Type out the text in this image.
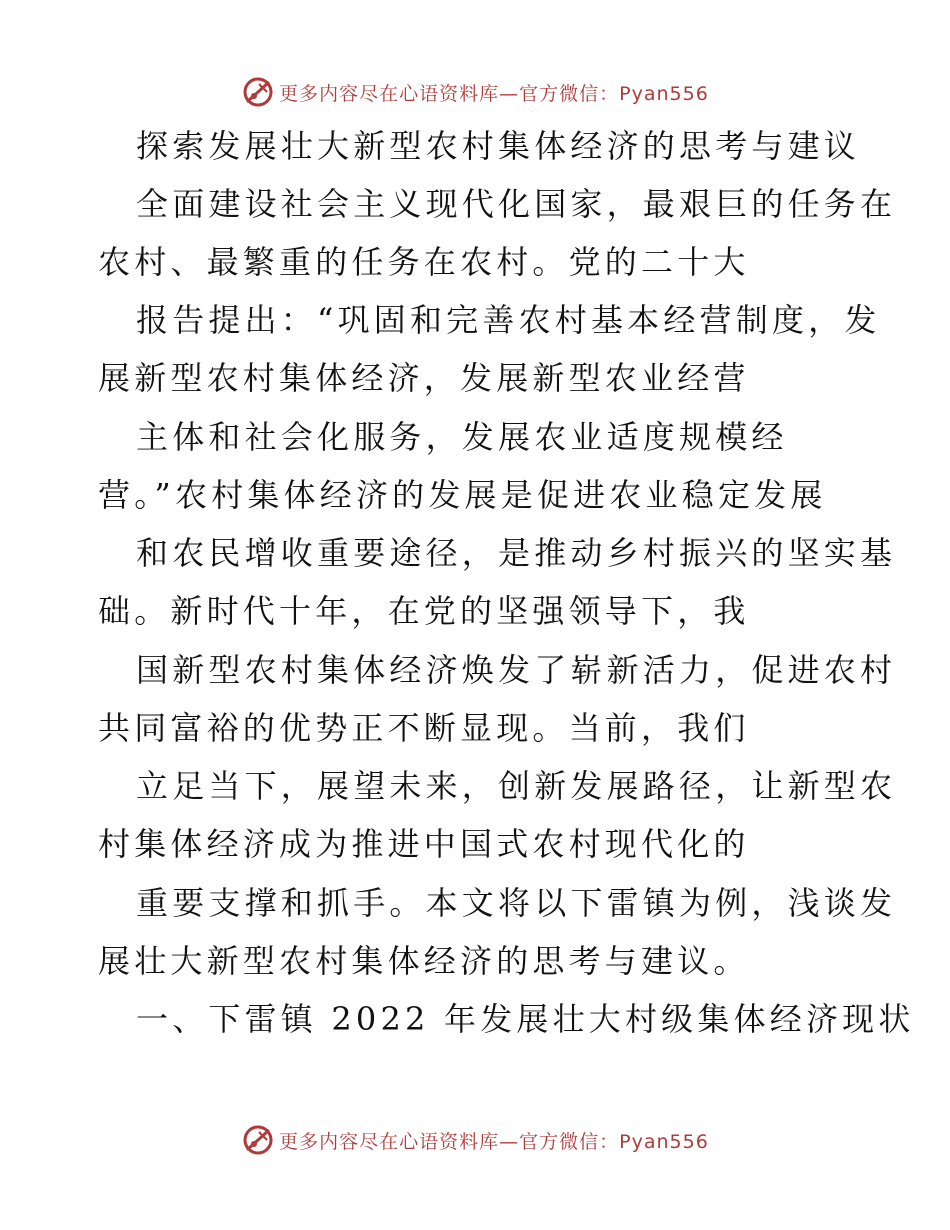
更多内容尽在心语资料库—官方微信：Pyan556
探索发展壮大新型农村集体经济的思考与建议
全面建设社会主义现代化国家，最艰巨的任务在
农村、最繁重的任务在农村。党的二十大
报告提出：“巩固和完善农村基本经营制度，发
展新型农村集体经济，发展新型农业经营
主体和社会化服务，发展农业适度规模经
营。”农村集体经济的发展是促进农业稳定发展
和农民增收重要途径，是推动乡村振兴的坚实基
础。新时代十年，在党的坚强领导下，我
国新型农村集体经济焕发了崭新活力，促进农村
共同富裕的优势正不断显现。当前，我们
立足当下，展望未来，创新发展路径，让新型农
村集体经济成为推进中国式农村现代化的
重要支撑和抓手。本文将以下雷镇为例，浅谈发
展壮大新型农村集体经济的思考与建议。
一、下雷镇 2022 年发展壮大村级集体经济现状
更多内容尽在心语资料库—官方微信：Pyan556
